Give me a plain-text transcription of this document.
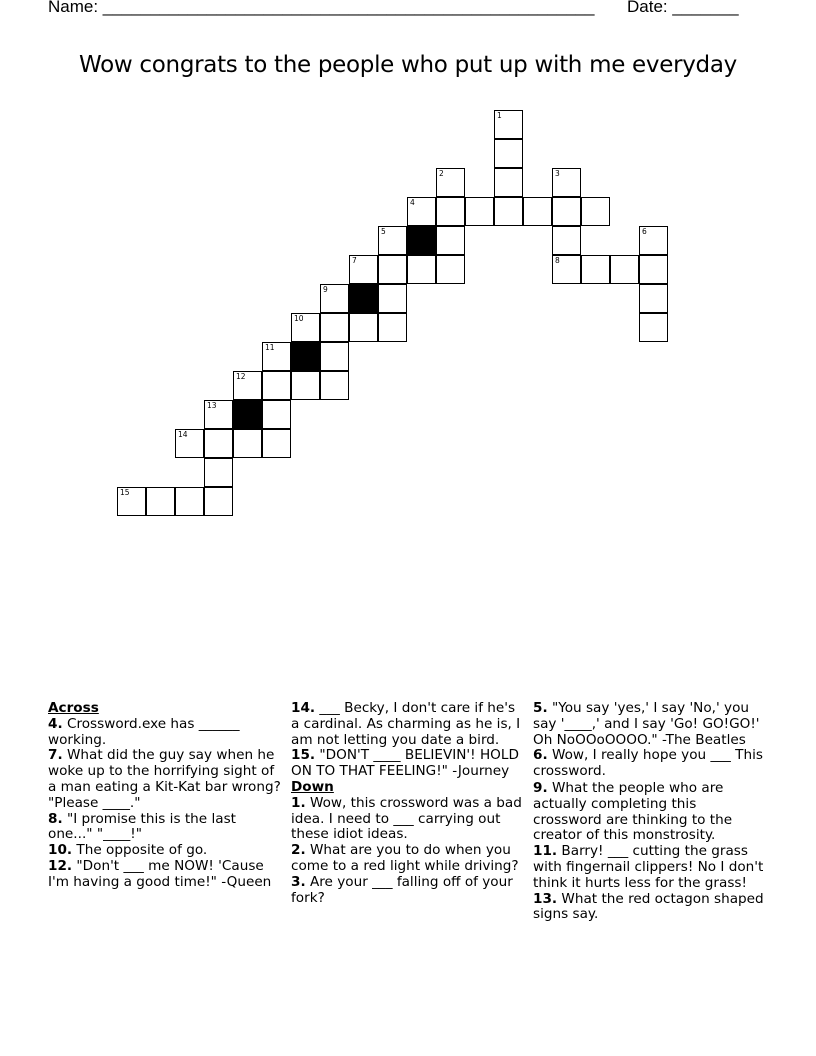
Name: ____________________________________________________ Date: _______
Wow congrats to the people who put up with me everyday
1
2	3
4
5	6
7	8
9
10
11
12
13
14
15
Across

4. Crossword.exe has ______ working.

7. What did the guy say when he woke up to the horrifying sight of a man eating a Kit-Kat bar wrong? "Please ____."

8. "I promise this is the last one..." "____!"

10. The opposite of go.

12. "Don't ___ me NOW! 'Cause I'm having a good time!" -Queen

14. ___ Becky, I don't care if he's a cardinal. As charming as he is, I am not letting you date a bird.

15. "DON'T ____ BELIEVIN'! HOLD ON TO THAT FEELING!" -Journey

Down

1. Wow, this crossword was a bad idea. I need to ___ carrying out these idiot ideas.

2. What are you to do when you come to a red light while driving?

3. Are your ___ falling off of your fork?

5. "You say 'yes,' I say 'No,' you say '____,' and I say 'Go! GO!GO!' Oh NoOOoOOOO." -The Beatles

6. Wow, I really hope you ___ This crossword.

9. What the people who are actually completing this crossword are thinking to the creator of this monstrosity.

11. Barry! ___ cutting the grass with fingernail clippers! No I don't think it hurts less for the grass!

13. What the red octagon shaped signs say.
